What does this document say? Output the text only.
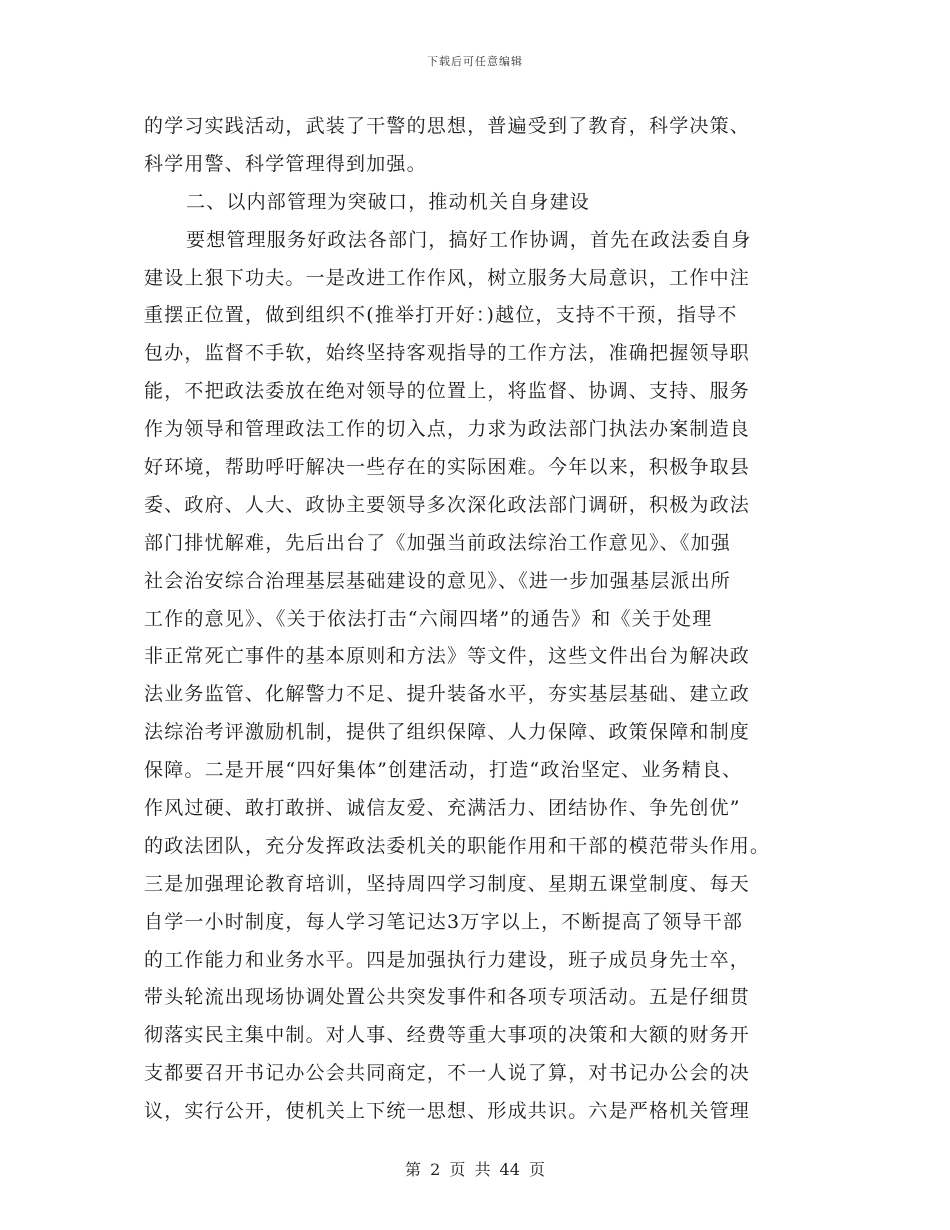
下载后可任意编辑
的学习实践活动，武装了干警的思想，普遍受到了教育，科学决策、
科学用警、科学管理得到加强。
二、以内部管理为突破口，推动机关自身建设
要想管理服务好政法各部门，搞好工作协调，首先在政法委自身
建设上狠下功夫。一是改进工作作风，树立服务大局意识，工作中注
重摆正位置，做到组织不(推举打开好：)越位，支持不干预，指导不
包办，监督不手软，始终坚持客观指导的工作方法，准确把握领导职
能，不把政法委放在绝对领导的位置上，将监督、协调、支持、服务
作为领导和管理政法工作的切入点，力求为政法部门执法办案制造良
好环境，帮助呼吁解决一些存在的实际困难。今年以来，积极争取县
委、政府、人大、政协主要领导多次深化政法部门调研，积极为政法
部门排忧解难，先后出台了《加强当前政法综治工作意见》、《加强
社会治安综合治理基层基础建设的意见》、《进一步加强基层派出所
工作的意见》、《关于依法打击“六闹四堵”的通告》和《关于处理
非正常死亡事件的基本原则和方法》等文件，这些文件出台为解决政
法业务监管、化解警力不足、提升装备水平，夯实基层基础、建立政
法综治考评激励机制，提供了组织保障、人力保障、政策保障和制度
保障。二是开展“四好集体”创建活动，打造“政治坚定、业务精良、
作风过硬、敢打敢拼、诚信友爱、充满活力、团结协作、争先创优”
的政法团队，充分发挥政法委机关的职能作用和干部的模范带头作用。
三是加强理论教育培训，坚持周四学习制度、星期五课堂制度、每天
自学一小时制度，每人学习笔记达3万字以上，不断提高了领导干部
的工作能力和业务水平。四是加强执行力建设，班子成员身先士卒，
带头轮流出现场协调处置公共突发事件和各项专项活动。五是仔细贯
彻落实民主集中制。对人事、经费等重大事项的决策和大额的财务开
支都要召开书记办公会共同商定，不一人说了算，对书记办公会的决
议，实行公开，使机关上下统一思想、形成共识。六是严格机关管理
第 2 页 共 44 页
